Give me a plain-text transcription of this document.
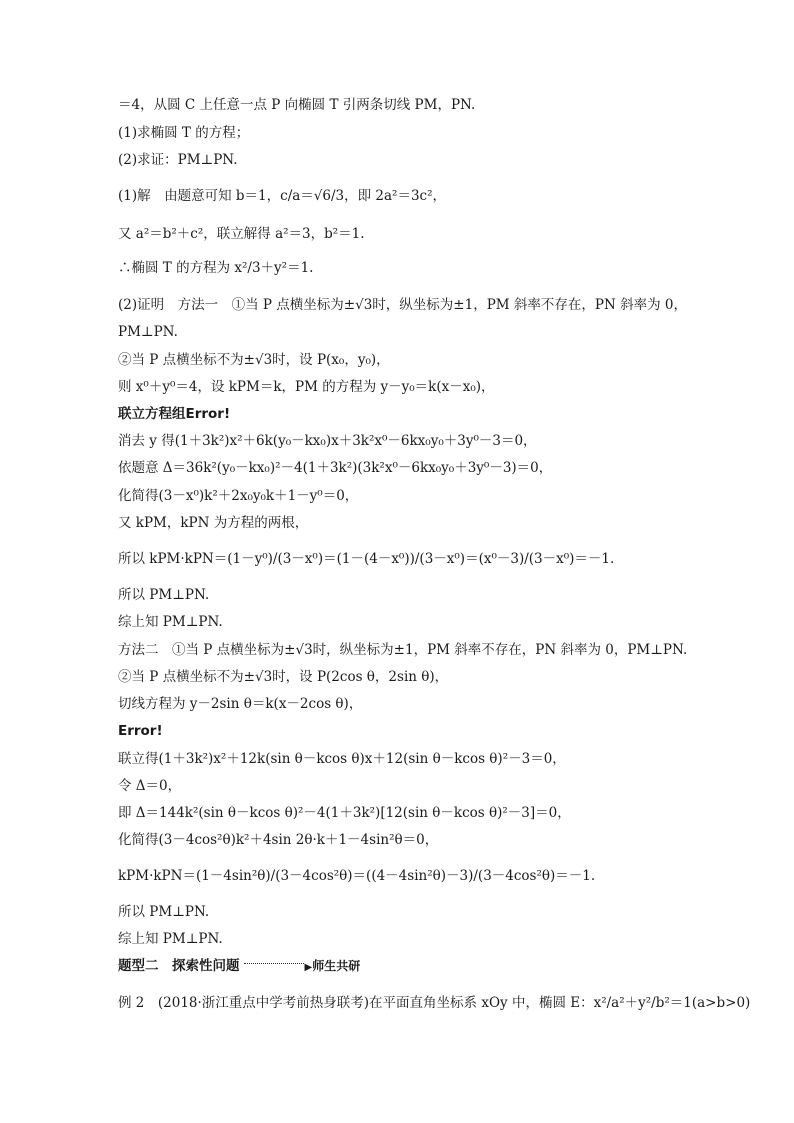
＝4，从圆 C 上任意一点 P 向椭圆 T 引两条切线 PM，PN.
(1)求椭圆 T 的方程；
(2)求证：PM⊥PN.
(1)解　由题意可知 b＝1，c/a＝√6/3，即 2a²＝3c²，
又 a²＝b²＋c²，联立解得 a²＝3，b²＝1.
∴椭圆 T 的方程为 x²/3＋y²＝1.
(2)证明　方法一　①当 P 点横坐标为±√3时，纵坐标为±1，PM 斜率不存在，PN 斜率为 0，
PM⊥PN.
②当 P 点横坐标不为±√3时，设 P(x₀，y₀)，
则 x⁰＋y⁰＝4，设 kPM＝k，PM 的方程为 y－y₀＝k(x－x₀)，
联立方程组Error!
消去 y 得(1＋3k²)x²＋6k(y₀－kx₀)x＋3k²x⁰－6kx₀y₀＋3y⁰－3＝0，
依题意 Δ＝36k²(y₀－kx₀)²－4(1＋3k²)(3k²x⁰－6kx₀y₀＋3y⁰－3)＝0，
化简得(3－x⁰)k²＋2x₀y₀k＋1－y⁰＝0，
又 kPM，kPN 为方程的两根，
所以 kPM·kPN＝(1－y⁰)/(3－x⁰)＝(1－(4－x⁰))/(3－x⁰)＝(x⁰－3)/(3－x⁰)＝－1.
所以 PM⊥PN.
综上知 PM⊥PN.
方法二　①当 P 点横坐标为±√3时，纵坐标为±1，PM 斜率不存在，PN 斜率为 0，PM⊥PN.
②当 P 点横坐标不为±√3时，设 P(2cos θ，2sin θ)，
切线方程为 y－2sin θ＝k(x－2cos θ)，
Error!
联立得(1＋3k²)x²＋12k(sin θ－kcos θ)x＋12(sin θ－kcos θ)²－3＝0，
令 Δ＝0，
即 Δ＝144k²(sin θ－kcos θ)²－4(1＋3k²)[12(sin θ－kcos θ)²－3]＝0，
化简得(3－4cos²θ)k²＋4sin 2θ·k＋1－4sin²θ＝0，
kPM·kPN＝(1－4sin²θ)/(3－4cos²θ)＝((4－4sin²θ)－3)/(3－4cos²θ)＝－1.
所以 PM⊥PN.
综上知 PM⊥PN.
题型二　探索性问题	▶师生共研
例 2　(2018·浙江重点中学考前热身联考)在平面直角坐标系 xOy 中，椭圆 E：x²/a²＋y²/b²＝1(a>b>0)
